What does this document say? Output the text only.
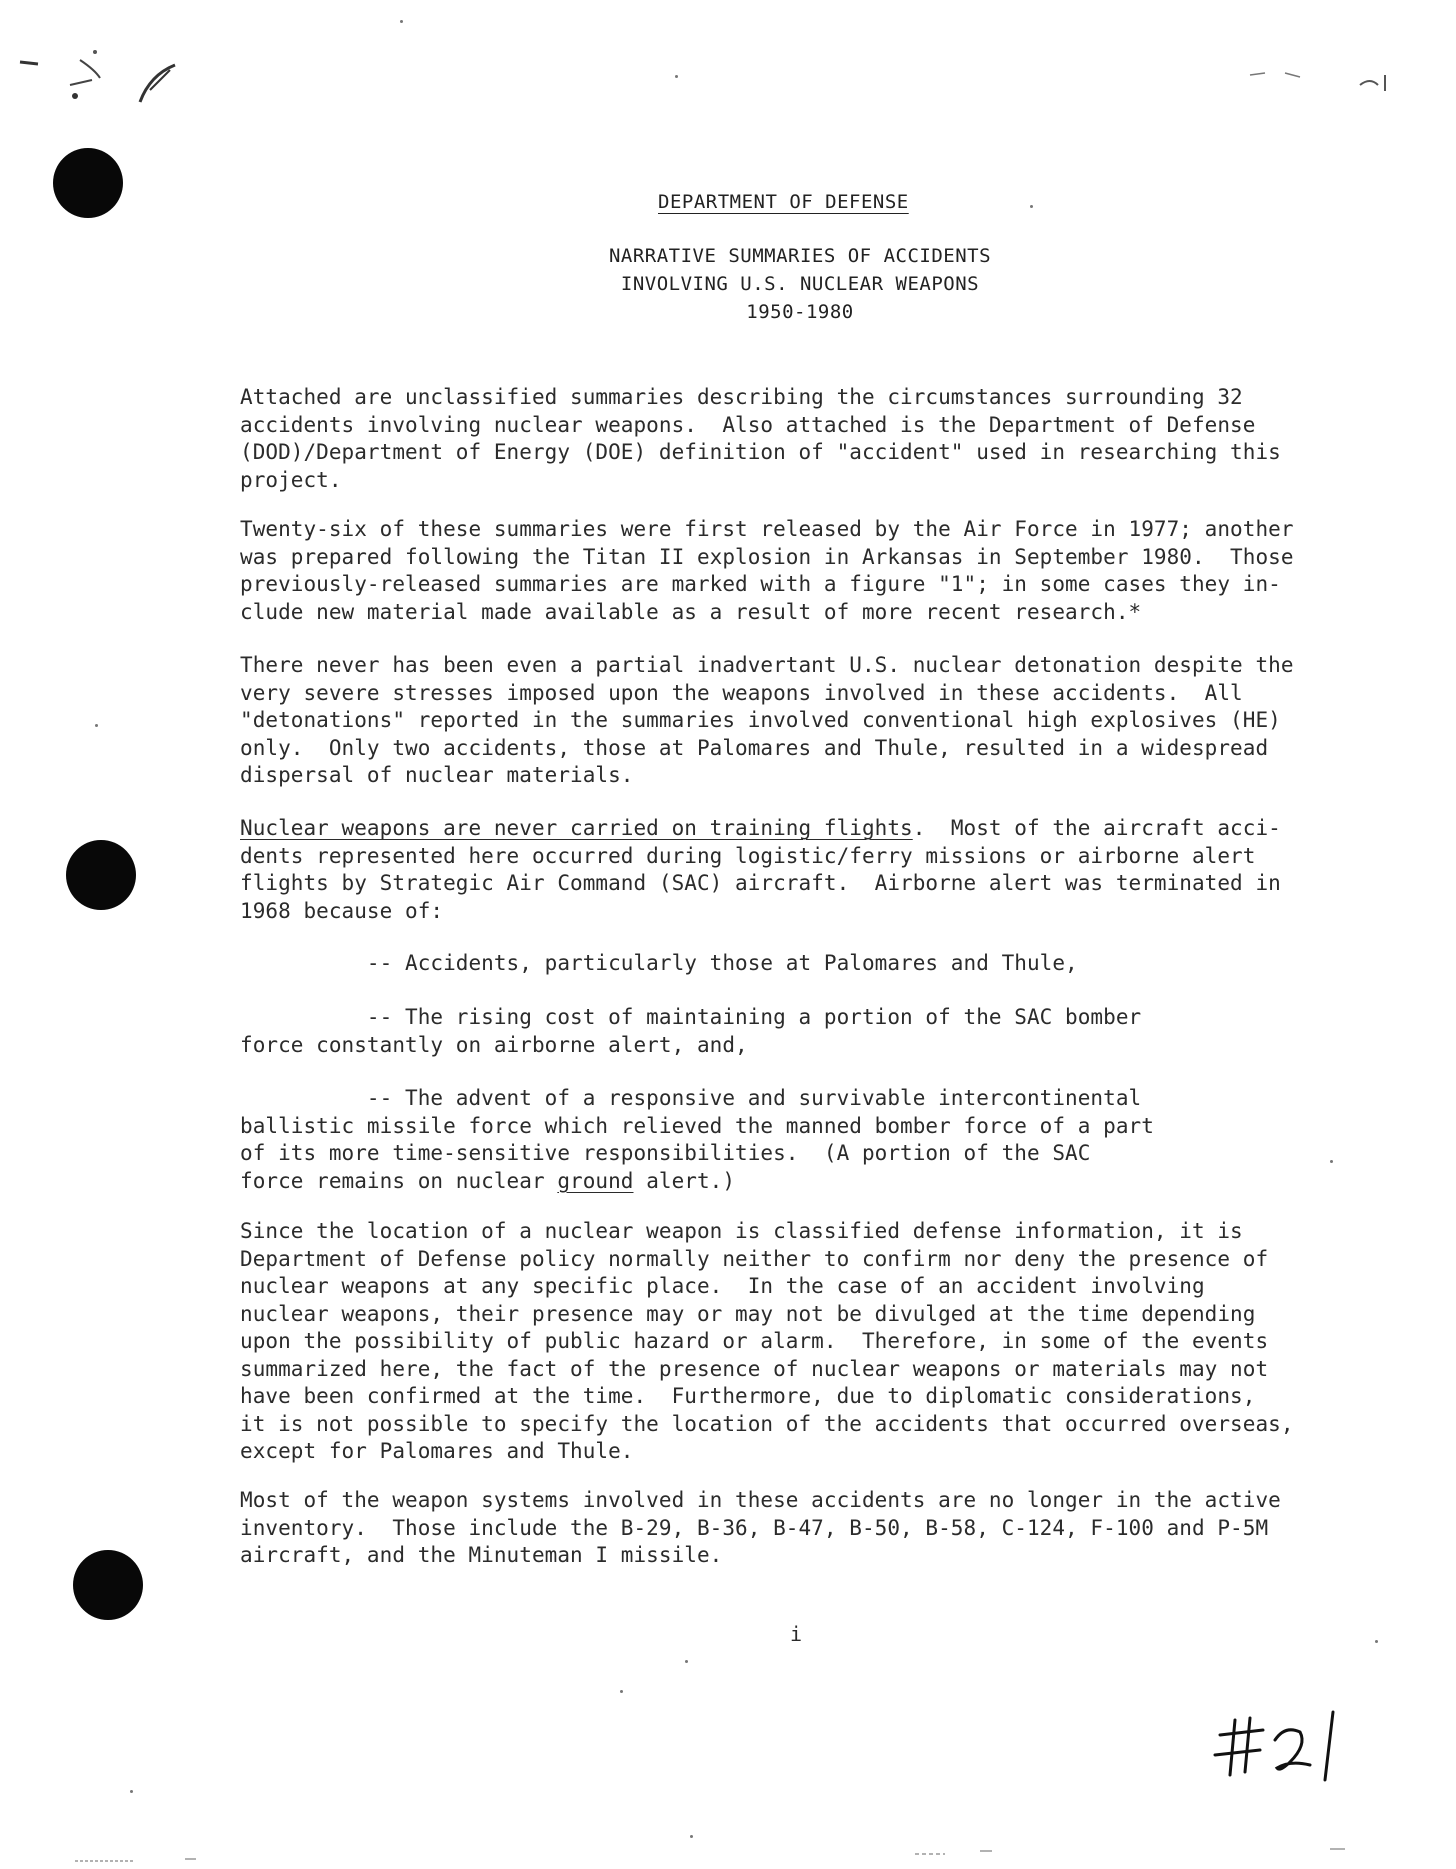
DEPARTMENT OF DEFENSE
NARRATIVE SUMMARIES OF ACCIDENTS
INVOLVING U.S. NUCLEAR WEAPONS
1950-1980
Attached are unclassified summaries describing the circumstances surrounding 32
accidents involving nuclear weapons.  Also attached is the Department of Defense
(DOD)/Department of Energy (DOE) definition of "accident" used in researching this
project.
Twenty-six of these summaries were first released by the Air Force in 1977; another
was prepared following the Titan II explosion in Arkansas in September 1980.  Those
previously-released summaries are marked with a figure "1"; in some cases they in-
clude new material made available as a result of more recent research.*
There never has been even a partial inadvertant U.S. nuclear detonation despite the
very severe stresses imposed upon the weapons involved in these accidents.  All
"detonations" reported in the summaries involved conventional high explosives (HE)
only.  Only two accidents, those at Palomares and Thule, resulted in a widespread
dispersal of nuclear materials.
Nuclear weapons are never carried on training flights.  Most of the aircraft acci-
dents represented here occurred during logistic/ferry missions or airborne alert
flights by Strategic Air Command (SAC) aircraft.  Airborne alert was terminated in
1968 because of:
-- Accidents, particularly those at Palomares and Thule,
-- The rising cost of maintaining a portion of the SAC bomber
force constantly on airborne alert, and,
-- The advent of a responsive and survivable intercontinental
ballistic missile force which relieved the manned bomber force of a part
of its more time-sensitive responsibilities.  (A portion of the SAC
force remains on nuclear ground alert.)
Since the location of a nuclear weapon is classified defense information, it is
Department of Defense policy normally neither to confirm nor deny the presence of
nuclear weapons at any specific place.  In the case of an accident involving
nuclear weapons, their presence may or may not be divulged at the time depending
upon the possibility of public hazard or alarm.  Therefore, in some of the events
summarized here, the fact of the presence of nuclear weapons or materials may not
have been confirmed at the time.  Furthermore, due to diplomatic considerations,
it is not possible to specify the location of the accidents that occurred overseas,
except for Palomares and Thule.
Most of the weapon systems involved in these accidents are no longer in the active
inventory.  Those include the B-29, B-36, B-47, B-50, B-58, C-124, F-100 and P-5M
aircraft, and the Minuteman I missile.
i
